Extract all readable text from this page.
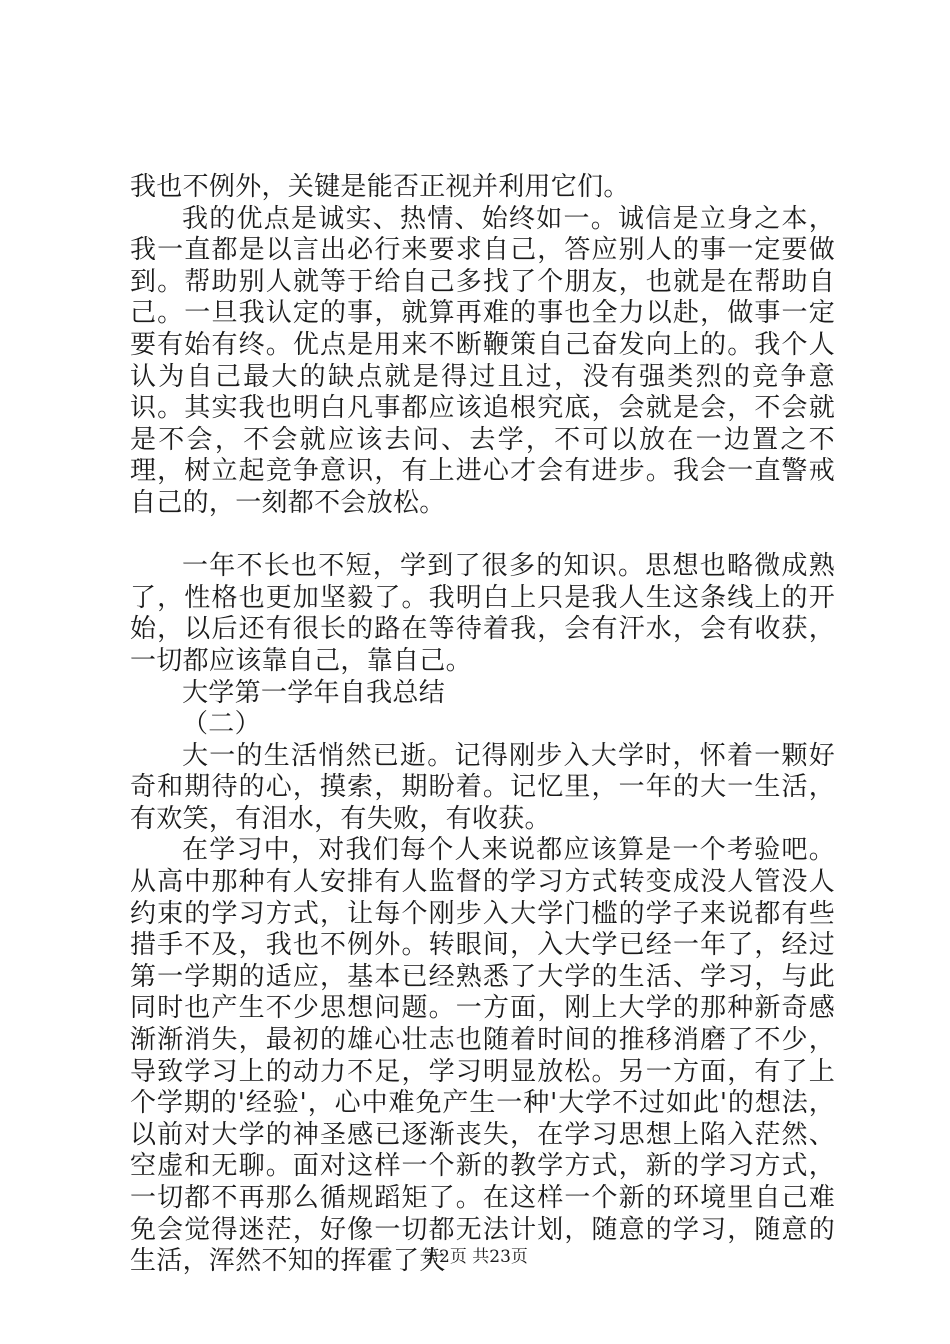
我也不例外，关键是能否正视并利用它们。

我的优点是诚实、热情、始终如一。诚信是立身之本，我一直都是以言出必行来要求自己，答应别人的事一定要做到。帮助别人就等于给自己多找了个朋友，也就是在帮助自己。一旦我认定的事，就算再难的事也全力以赴，做事一定要有始有终。优点是用来不断鞭策自己奋发向上的。我个人认为自己最大的缺点就是得过且过，没有强类烈的竞争意识。其实我也明白凡事都应该追根究底，会就是会，不会就是不会，不会就应该去问、去学，不可以放在一边置之不理，树立起竞争意识，有上进心才会有进步。我会一直警戒自己的，一刻都不会放松。

一年不长也不短，学到了很多的知识。思想也略微成熟了，性格也更加坚毅了。我明白上只是我人生这条线上的开始，以后还有很长的路在等待着我，会有汗水，会有收获，一切都应该靠自己，靠自己。

大学第一学年自我总结

（二）

大一的生活悄然已逝。记得刚步入大学时，怀着一颗好奇和期待的心，摸索，期盼着。记忆里，一年的大一生活，有欢笑，有泪水，有失败，有收获。

在学习中，对我们每个人来说都应该算是一个考验吧。从高中那种有人安排有人监督的学习方式转变成没人管没人约束的学习方式，让每个刚步入大学门槛的学子来说都有些措手不及，我也不例外。转眼间，入大学已经一年了，经过第一学期的适应，基本已经熟悉了大学的生活、学习，与此同时也产生不少思想问题。一方面，刚上大学的那种新奇感渐渐消失，最初的雄心壮志也随着时间的推移消磨了不少，导致学习上的动力不足，学习明显放松。另一方面，有了上个学期的'经验'，心中难免产生一种'大学不过如此'的想法，以前对大学的神圣感已逐渐丧失，在学习思想上陷入茫然、空虚和无聊。面对这样一个新的教学方式，新的学习方式，一切都不再那么循规蹈矩了。在这样一个新的环境里自己难免会觉得迷茫，好像一切都无法计划，随意的学习，随意的生活，浑然不知的挥霍了大

第2页 共23页
